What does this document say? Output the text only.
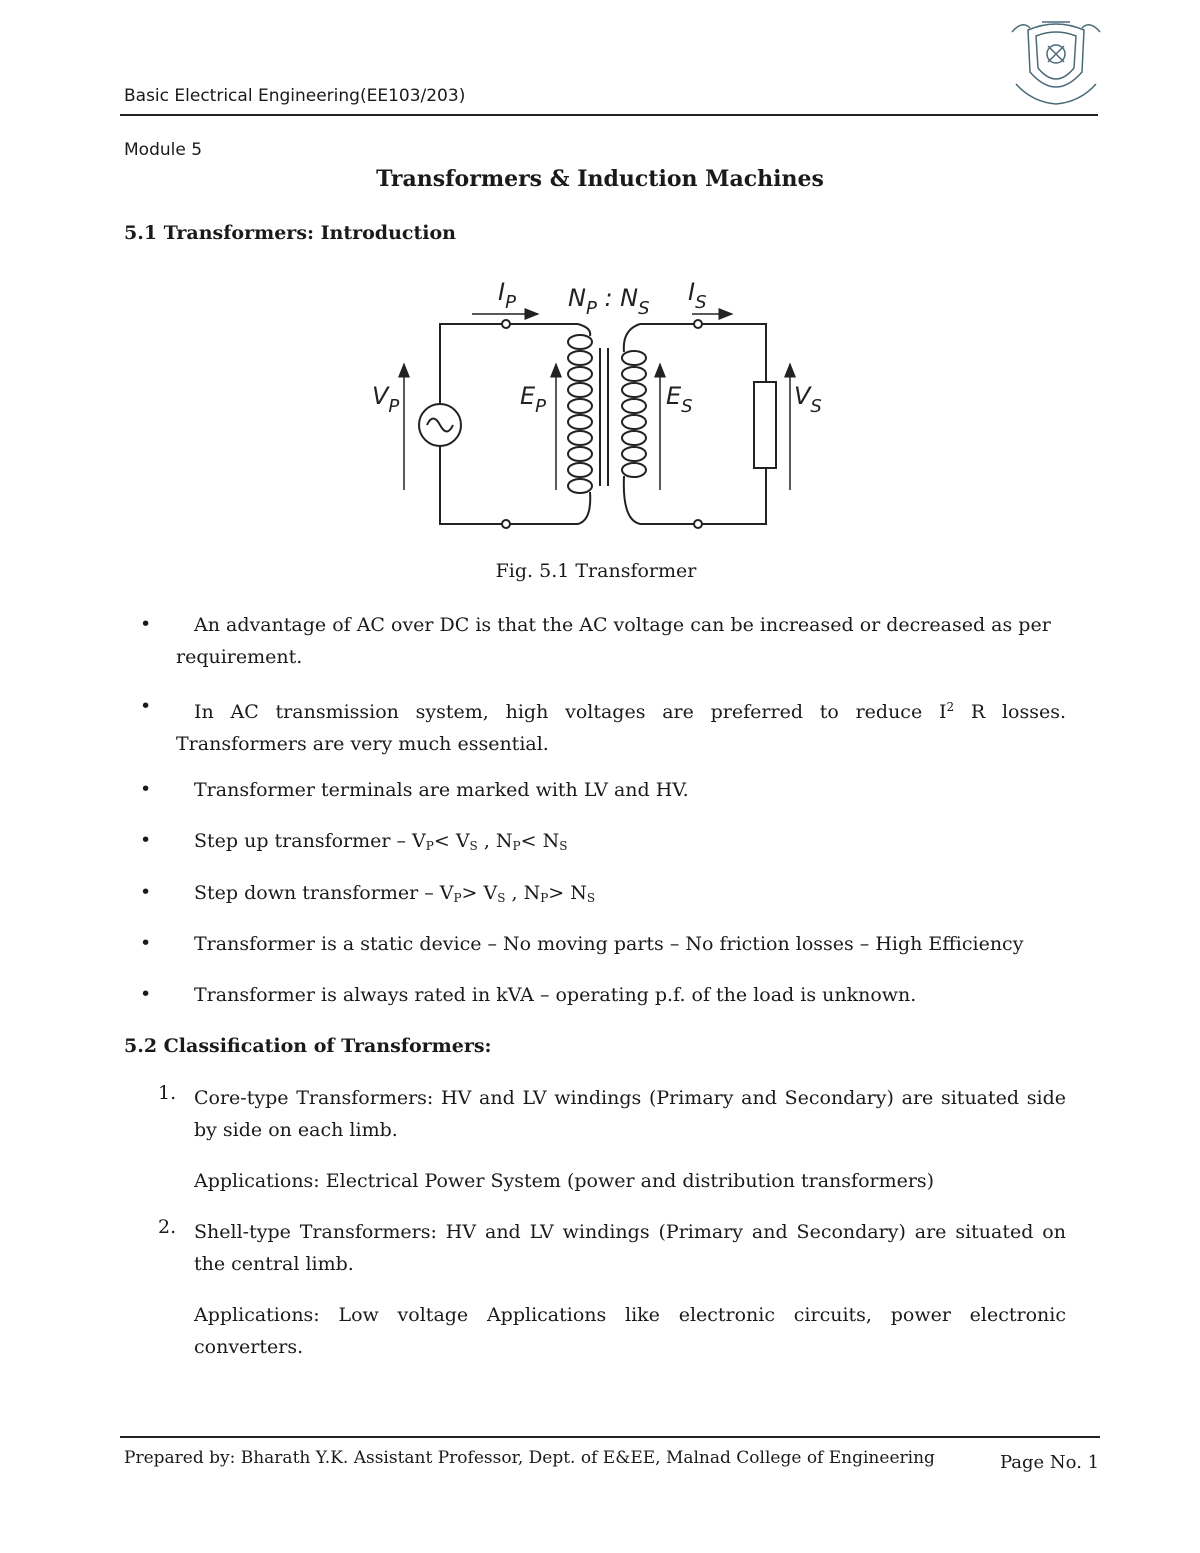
Basic Electrical Engineering(EE103/203)
Module 5
Transformers & Induction Machines
5.1 Transformers: Introduction
$I_P$ $N_P$ : $N_S$
$I_S$
$V_P$	$E_P$	$E_S$	$V_S$
Fig. 5.1 Transformer
•	An advantage of AC over DC is that the AC voltage can be increased or decreased as per requirement.
•	In AC transmission system, high voltages are preferred to reduce $I^2$ R losses. Transformers are very much essential.
•	Transformer terminals are marked with LV and HV.
•	Step up transformer – $V_P< V_S$ , $N_P< N_S$
•	Step down transformer – $V_P> V_S$ , $N_P> N_S$
•	Transformer is a static device – No moving parts – No friction losses – High Efficiency
•	Transformer is always rated in kVA – operating p.f. of the load is unknown.
5.2 Classification of Transformers:
1. Core-type Transformers: HV and LV windings (Primary and Secondary) are situated side by side on each limb.
Applications: Electrical Power System (power and distribution transformers)
2. Shell-type Transformers: HV and LV windings (Primary and Secondary) are situated on the central limb.
Applications: Low voltage Applications like electronic circuits, power electronic converters.
Prepared by: Bharath Y.K. Assistant Professor, Dept. of E&EE, Malnad College of Engineering	Page No. 1
